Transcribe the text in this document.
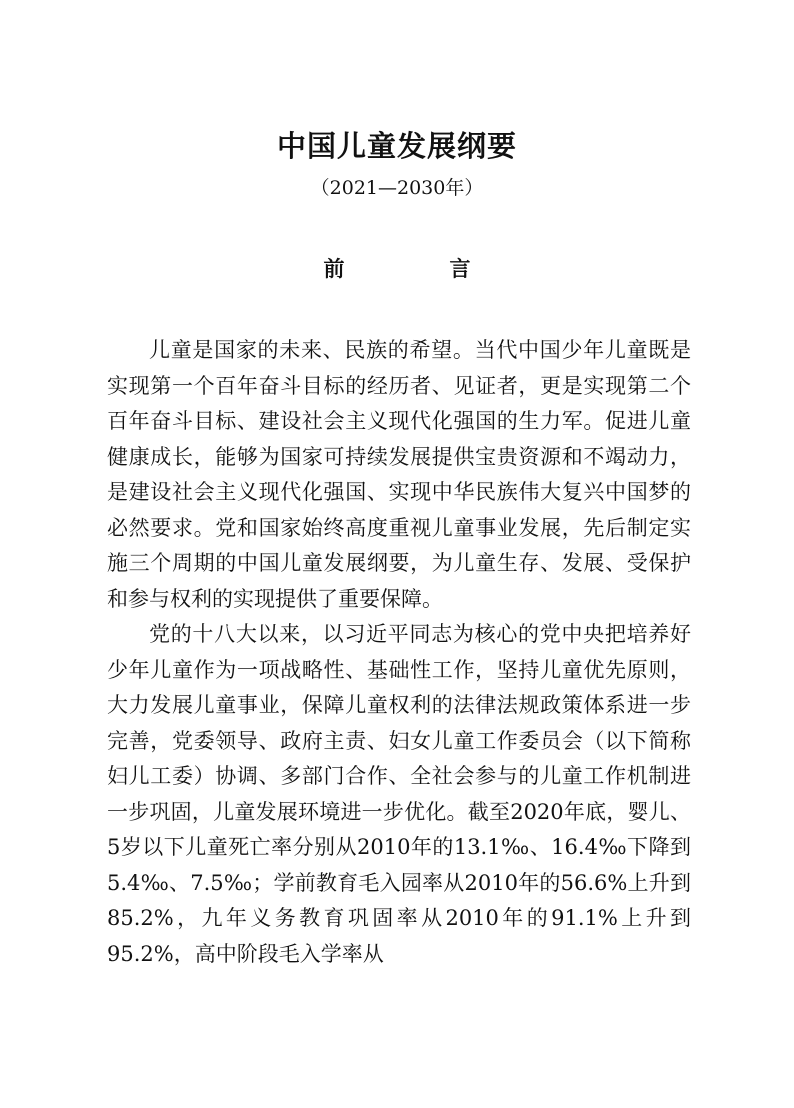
中国儿童发展纲要
（2021—2030年）
前　言

儿童是国家的未来、民族的希望。当代中国少年儿童既是实现第一个百年奋斗目标的经历者、见证者，更是实现第二个百年奋斗目标、建设社会主义现代化强国的生力军。促进儿童健康成长，能够为国家可持续发展提供宝贵资源和不竭动力，是建设社会主义现代化强国、实现中华民族伟大复兴中国梦的必然要求。党和国家始终高度重视儿童事业发展，先后制定实施三个周期的中国儿童发展纲要，为儿童生存、发展、受保护和参与权利的实现提供了重要保障。

党的十八大以来，以习近平同志为核心的党中央把培养好少年儿童作为一项战略性、基础性工作，坚持儿童优先原则，大力发展儿童事业，保障儿童权利的法律法规政策体系进一步完善，党委领导、政府主责、妇女儿童工作委员会（以下简称妇儿工委）协调、多部门合作、全社会参与的儿童工作机制进一步巩固，儿童发展环境进一步优化。截至2020年底，婴儿、5岁以下儿童死亡率分别从2010年的13.1‰、16.4‰下降到5.4‰、7.5‰；学前教育毛入园率从2010年的56.6%上升到85.2%，九年义务教育巩固率从2010年的91.1%上升到95.2%，高中阶段毛入学率从
